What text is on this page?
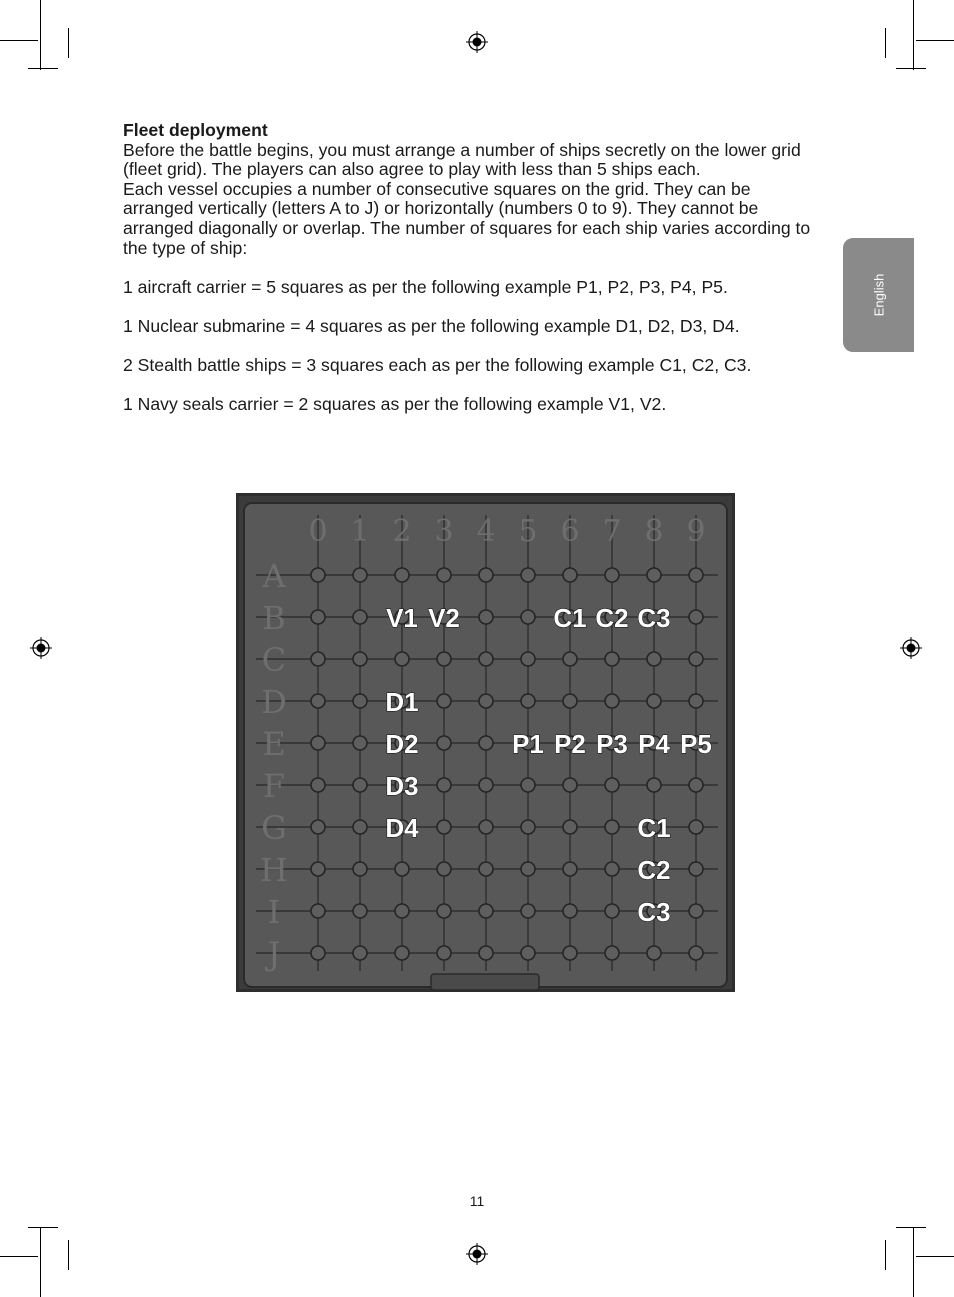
English
Fleet deployment

Before the battle begins, you must arrange a number of ships secretly on the lower grid (fleet grid). The players can also agree to play with less than 5 ships each.

Each vessel occupies a number of consecutive squares on the grid. They can be arranged vertically (letters A to J) or horizontally (numbers 0 to 9). They cannot be arranged diagonally or overlap. The number of squares for each ship varies according to the type of ship:

1 aircraft carrier = 5 squares as per the following example P1, P2, P3, P4, P5.

1 Nuclear submarine = 4 squares as per the following example D1, D2, D3, D4.

2 Stealth battle ships = 3 squares each as per the following example C1, C2, C3.

1 Navy seals carrier = 2 squares as per the following example V1, V2.

0 1 2 3 4 5 6 7 8 9
A
B
C
D
E
F
G
H
I
J
V1 V2	C1 C2 C3
D1
D2
D3
D4
P1 P2 P3 P4 P5
C1
C2
C3
11
